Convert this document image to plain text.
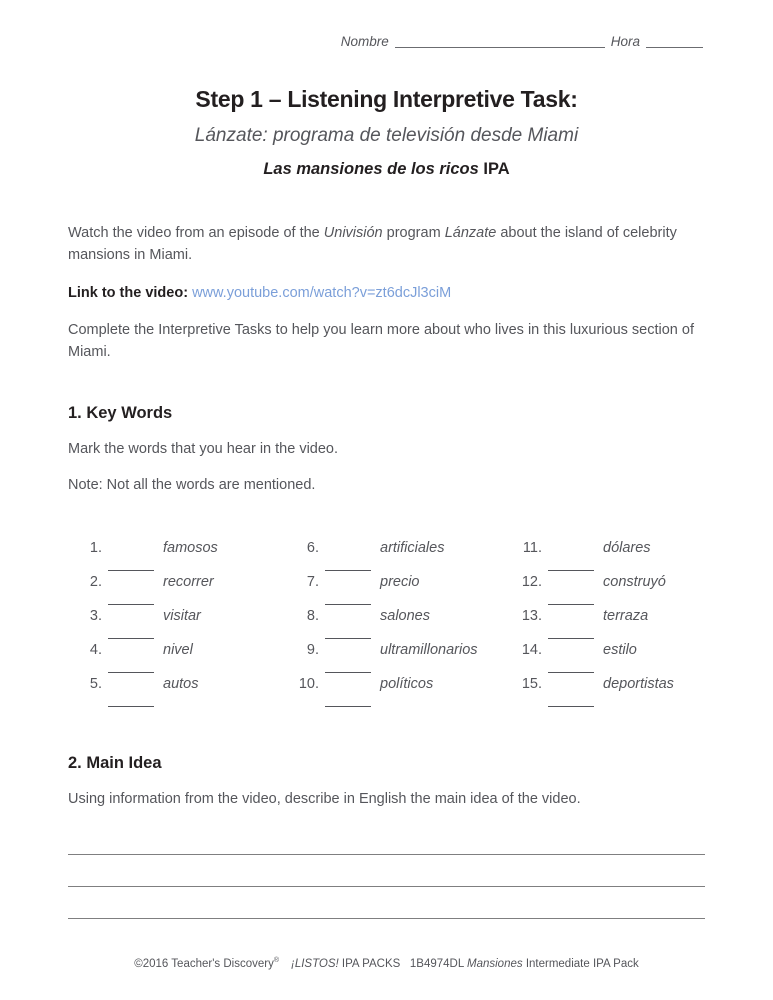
Nombre	Hora
Step 1 – Listening Interpretive Task:
Lánzate: programa de televisión desde Miami
Las mansiones de los ricos IPA

Watch the video from an episode of the Univisión program Lánzate about the island of celebrity mansions in Miami.

Link to the video: www.youtube.com/watch?v=zt6dcJl3ciM

Complete the Interpretive Tasks to help you learn more about who lives in this luxurious section of Miami.

1. Key Words

Mark the words that you hear in the video.

Note: Not all the words are mentioned.

1.	famosos
2.	recorrer
3.	visitar
4.	nivel
5.	autos
6.	artificiales
7.	precio
8.	salones
9.	ultramillonarios
10.	políticos
11.	dólares
12.	construyó
13.	terraza
14.	estilo
15.	deportistas
2. Main Idea

Using information from the video, describe in English the main idea of the video.

©2016 Teacher's Discovery® ¡LISTOS! IPA PACKS   1B4974DL Mansiones Intermediate IPA Pack
